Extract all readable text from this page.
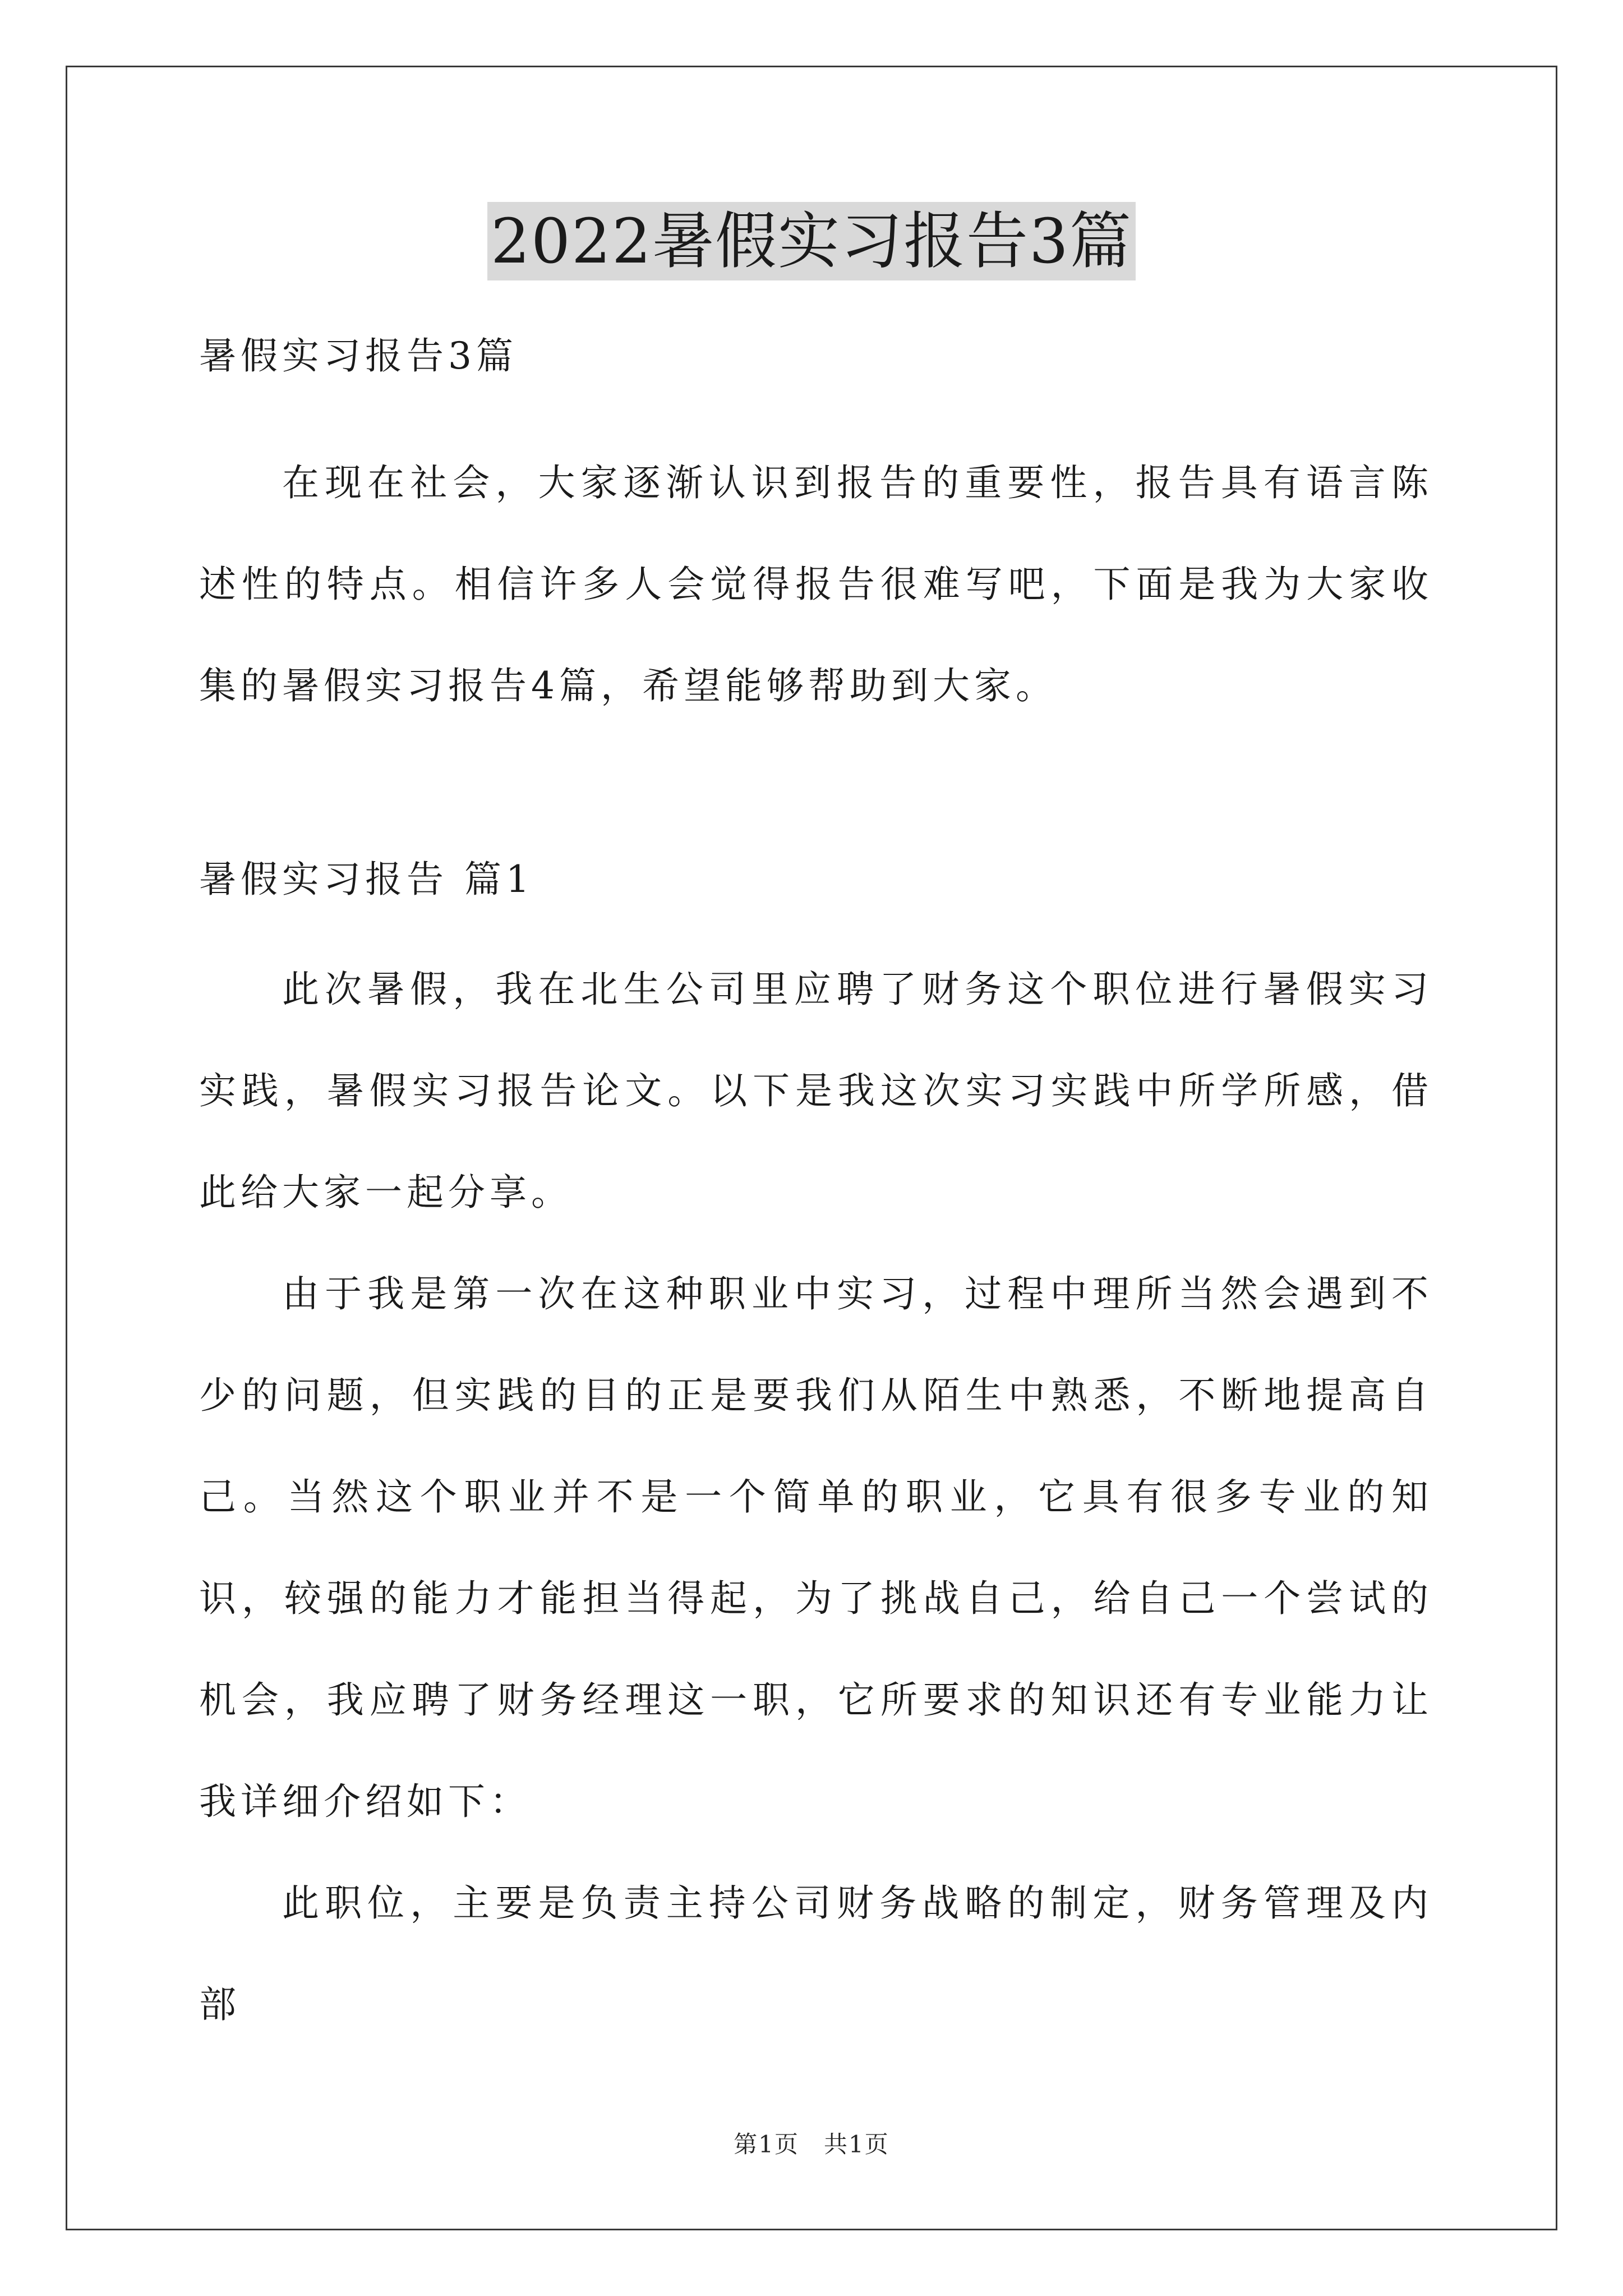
2022暑假实习报告3篇
暑假实习报告3篇

在现在社会，大家逐渐认识到报告的重要性，报告具有语言陈述性的特点。相信许多人会觉得报告很难写吧，下面是我为大家收集的暑假实习报告4篇，希望能够帮助到大家。

暑假实习报告 篇1

此次暑假，我在北生公司里应聘了财务这个职位进行暑假实习实践，暑假实习报告论文。以下是我这次实习实践中所学所感，借此给大家一起分享。

由于我是第一次在这种职业中实习，过程中理所当然会遇到不少的问题，但实践的目的正是要我们从陌生中熟悉，不断地提高自己。当然这个职业并不是一个简单的职业，它具有很多专业的知识，较强的能力才能担当得起，为了挑战自己，给自己一个尝试的机会，我应聘了财务经理这一职，它所要求的知识还有专业能力让我详细介绍如下：

此职位，主要是负责主持公司财务战略的制定，财务管理及内部

第1页　共1页
